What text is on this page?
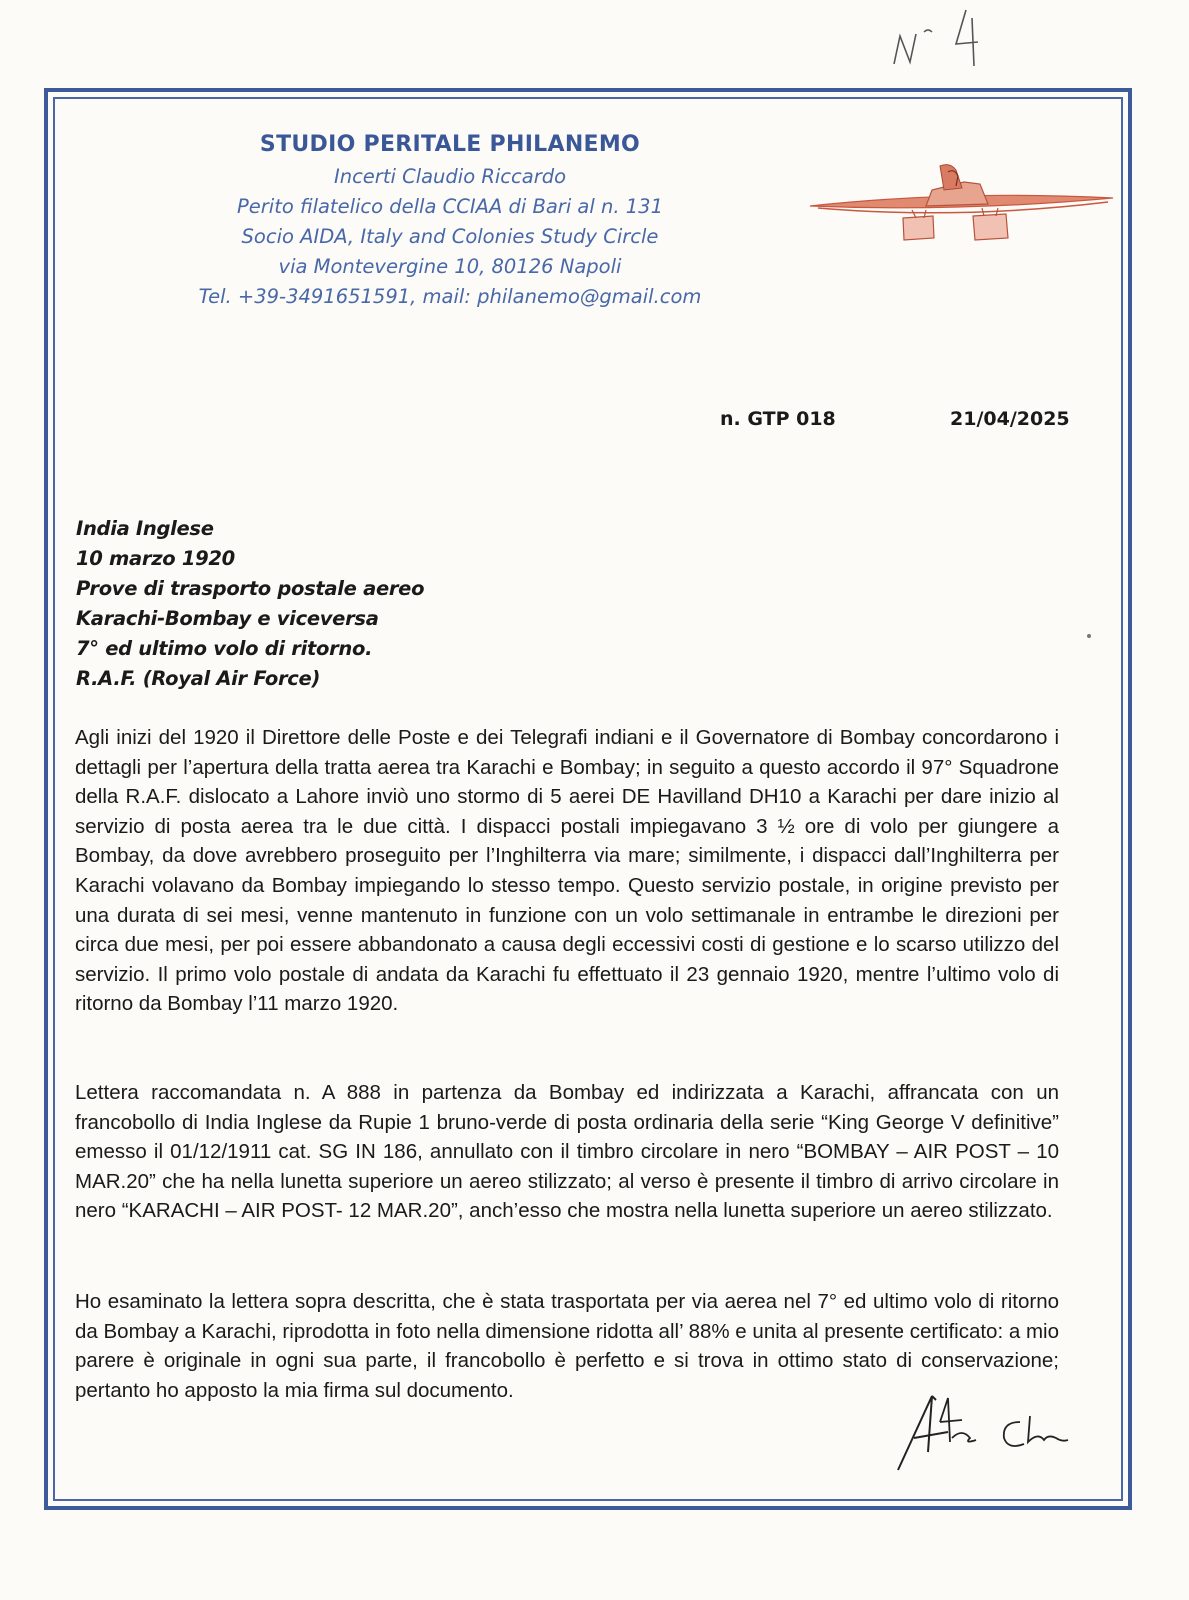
STUDIO PERITALE PHILANEMO
Incerti Claudio Riccardo
Perito filatelico della CCIAA di Bari al n. 131
Socio AIDA, Italy and Colonies Study Circle
via Montevergine 10, 80126 Napoli
Tel. +39-3491651591, mail: philanemo@gmail.com
n. GTP 018	21/04/2025
India Inglese
10 marzo 1920
Prove di trasporto postale aereo
Karachi-Bombay e viceversa
7° ed ultimo volo di ritorno.
R.A.F. (Royal Air Force)

Agli inizi del 1920 il Direttore delle Poste e dei Telegrafi indiani e il Governatore di Bombay concordarono i dettagli per l’apertura della tratta aerea tra Karachi e Bombay; in seguito a questo accordo il 97° Squadrone della R.A.F. dislocato a Lahore inviò uno stormo di 5 aerei DE Havilland DH10 a Karachi per dare inizio al servizio di posta aerea tra le due città. I dispacci postali impiegavano 3 ½ ore di volo per giungere a Bombay, da dove avrebbero proseguito per l’Inghilterra via mare; similmente, i dispacci dall’Inghilterra per Karachi volavano da Bombay impiegando lo stesso tempo. Questo servizio postale, in origine previsto per una durata di sei mesi, venne mantenuto in funzione con un volo settimanale in entrambe le direzioni per circa due mesi, per poi essere abbandonato a causa degli eccessivi costi di gestione e lo scarso utilizzo del servizio. Il primo volo postale di andata da Karachi fu effettuato il 23 gennaio 1920, mentre l’ultimo volo di ritorno da Bombay l’11 marzo 1920.

Lettera raccomandata n. A 888 in partenza da Bombay ed indirizzata a Karachi, affrancata con un francobollo di India Inglese da Rupie 1 bruno-verde di posta ordinaria della serie “King George V definitive” emesso il 01/12/1911 cat. SG IN 186, annullato con il timbro circolare in nero “BOMBAY – AIR POST – 10 MAR.20” che ha nella lunetta superiore un aereo stilizzato; al verso è presente il timbro di arrivo circolare in nero “KARACHI – AIR POST- 12 MAR.20”, anch’esso che mostra nella lunetta superiore un aereo stilizzato.

Ho esaminato la lettera sopra descritta, che è stata trasportata per via aerea nel 7° ed ultimo volo di ritorno da Bombay a Karachi, riprodotta in foto nella dimensione ridotta all’ 88% e unita al presente certificato: a mio parere è originale in ogni sua parte, il francobollo è perfetto e si trova in ottimo stato di conservazione; pertanto ho apposto la mia firma sul documento.
